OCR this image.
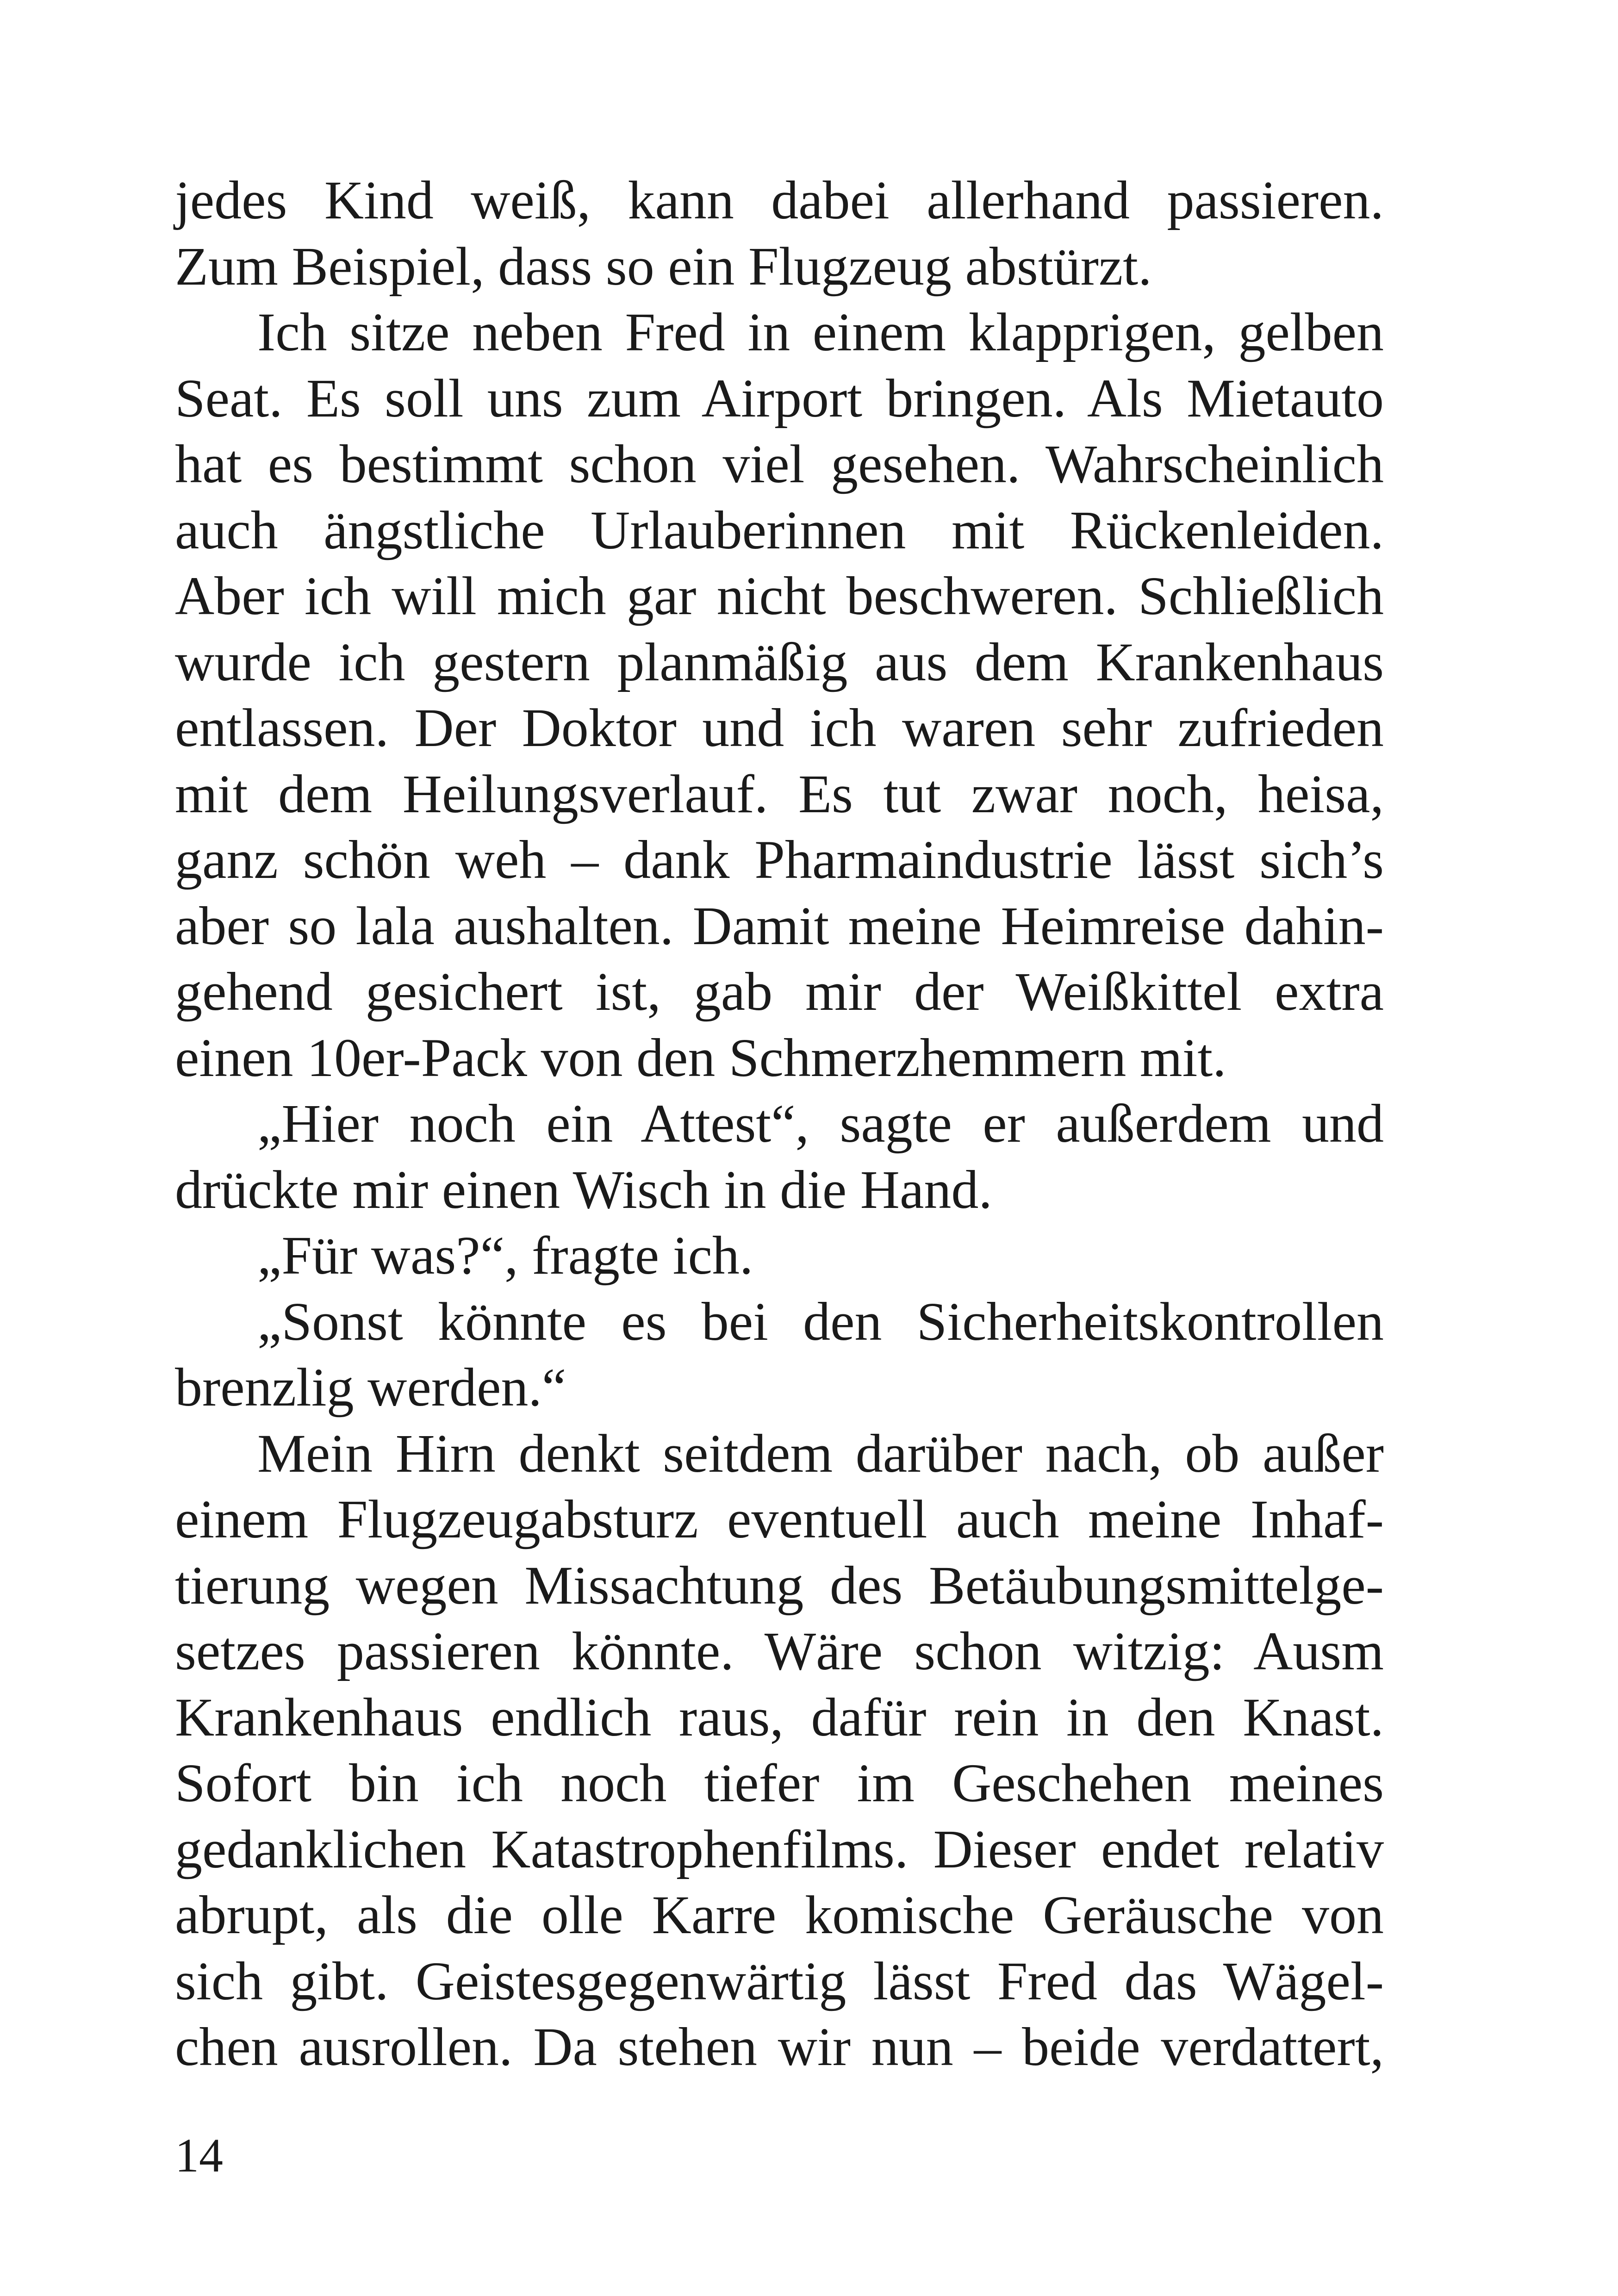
jedes Kind weiß, kann dabei allerhand passieren.
Zum Beispiel, dass so ein Flugzeug abstürzt.
Ich sitze neben Fred in einem klapprigen, gelben
Seat. Es soll uns zum Airport bringen. Als Mietauto
hat es bestimmt schon viel gesehen. Wahrscheinlich
auch ängstliche Urlauberinnen mit Rückenleiden.
Aber ich will mich gar nicht beschweren. Schließlich
wurde ich gestern planmäßig aus dem Krankenhaus
entlassen. Der Doktor und ich waren sehr zufrieden
mit dem Heilungsverlauf. Es tut zwar noch, heisa,
ganz schön weh – dank Pharmaindustrie lässt sich’s
aber so lala aushalten. Damit meine Heimreise dahin-
gehend gesichert ist, gab mir der Weißkittel extra
einen 10er-Pack von den Schmerzhemmern mit.
„Hier noch ein Attest“, sagte er außerdem und
drückte mir einen Wisch in die Hand.
„Für was?“, fragte ich.
„Sonst könnte es bei den Sicherheitskontrollen
brenzlig werden.“
Mein Hirn denkt seitdem darüber nach, ob außer
einem Flugzeugabsturz eventuell auch meine Inhaf-
tierung wegen Missachtung des Betäubungsmittelge-
setzes passieren könnte. Wäre schon witzig: Ausm
Krankenhaus endlich raus, dafür rein in den Knast.
Sofort bin ich noch tiefer im Geschehen meines
gedanklichen Katastrophenfilms. Dieser endet relativ
abrupt, als die olle Karre komische Geräusche von
sich gibt. Geistesgegenwärtig lässt Fred das Wägel-
chen ausrollen. Da stehen wir nun – beide verdattert,
14
